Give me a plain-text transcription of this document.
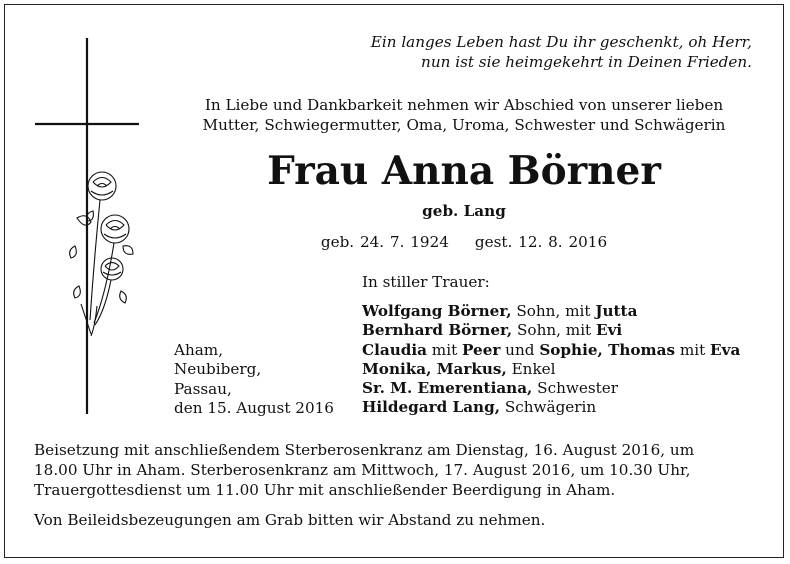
Ein langes Leben hast Du ihr geschenkt, oh Herr,
nun ist sie heimgekehrt in Deinen Frieden.
In Liebe und Dankbarkeit nehmen wir Abschied von unserer lieben
Mutter, Schwiegermutter, Oma, Uroma, Schwester und Schwägerin
Frau Anna Börner
geb. Lang
geb. 24. 7. 1924 gest. 12. 8. 2016
In stiller Trauer:
Aham,
Neubiberg,
Passau,
den 15. August 2016
Wolfgang Börner, Sohn, mit Jutta
Bernhard Börner, Sohn, mit Evi
Claudia mit Peer und Sophie, Thomas mit Eva
Monika, Markus, Enkel
Sr. M. Emerentiana, Schwester
Hildegard Lang, Schwägerin
Beisetzung mit anschließendem Sterberosenkranz am Dienstag, 16. August 2016, um
18.00 Uhr in Aham. Sterberosenkranz am Mittwoch, 17. August 2016, um 10.30 Uhr,
Trauergottesdienst um 11.00 Uhr mit anschließender Beerdigung in Aham.
Von Beileidsbezeugungen am Grab bitten wir Abstand zu nehmen.
